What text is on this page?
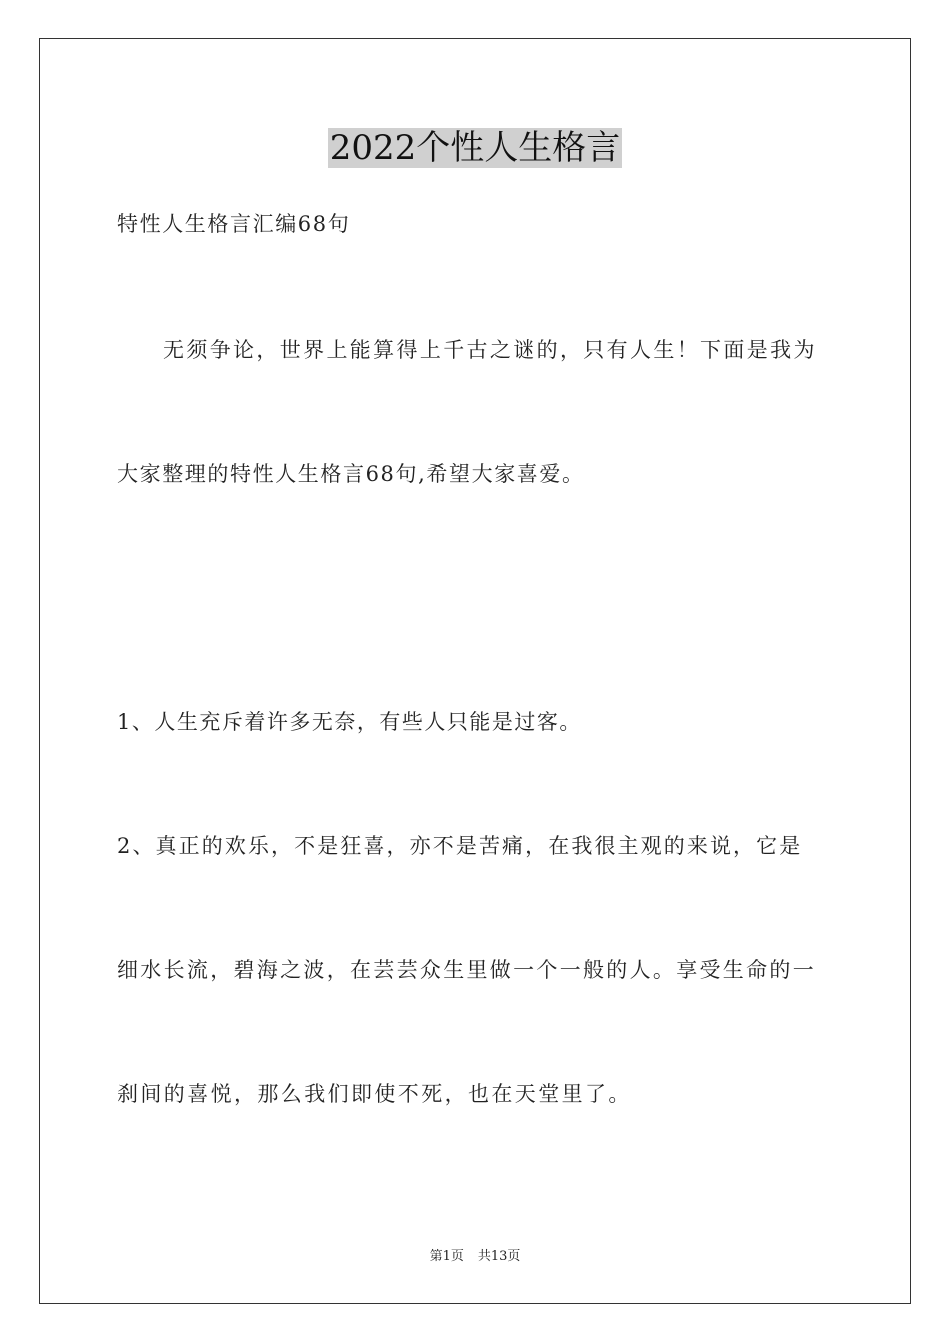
2022个性人生格言
特性人生格言汇编68句
无须争论，世界上能算得上千古之谜的，只有人生！下面是我为
大家整理的特性人生格言68句,希望大家喜爱。
1、人生充斥着许多无奈，有些人只能是过客。
2、真正的欢乐，不是狂喜，亦不是苦痛，在我很主观的来说，它是
细水长流，碧海之波，在芸芸众生里做一个一般的人。享受生命的一
刹间的喜悦，那么我们即使不死，也在天堂里了。
第1页 共13页
